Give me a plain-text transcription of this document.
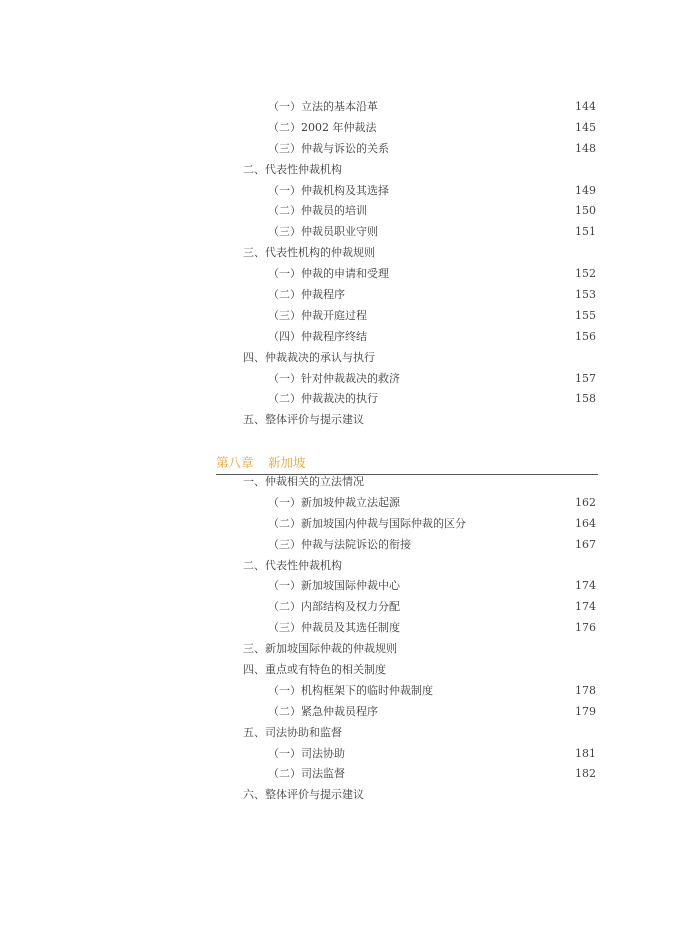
（一）立法的基本沿革	144
（二）2002 年仲裁法	145
（三）仲裁与诉讼的关系	148
二、代表性仲裁机构
（一）仲裁机构及其选择	149
（二）仲裁员的培训	150
（三）仲裁员职业守则	151
三、代表性机构的仲裁规则
（一）仲裁的申请和受理	152
（二）仲裁程序	153
（三）仲裁开庭过程	155
（四）仲裁程序终结	156
四、仲裁裁决的承认与执行
（一）针对仲裁裁决的救济	157
（二）仲裁裁决的执行	158
五、整体评价与提示建议
第八章 新加坡
一、仲裁相关的立法情况
（一）新加坡仲裁立法起源	162
（二）新加坡国内仲裁与国际仲裁的区分	164
（三）仲裁与法院诉讼的衔接	167
二、代表性仲裁机构
（一）新加坡国际仲裁中心	174
（二）内部结构及权力分配	174
（三）仲裁员及其选任制度	176
三、新加坡国际仲裁的仲裁规则
四、重点或有特色的相关制度
（一）机构框架下的临时仲裁制度	178
（二）紧急仲裁员程序	179
五、司法协助和监督
（一）司法协助	181
（二）司法监督	182
六、整体评价与提示建议
